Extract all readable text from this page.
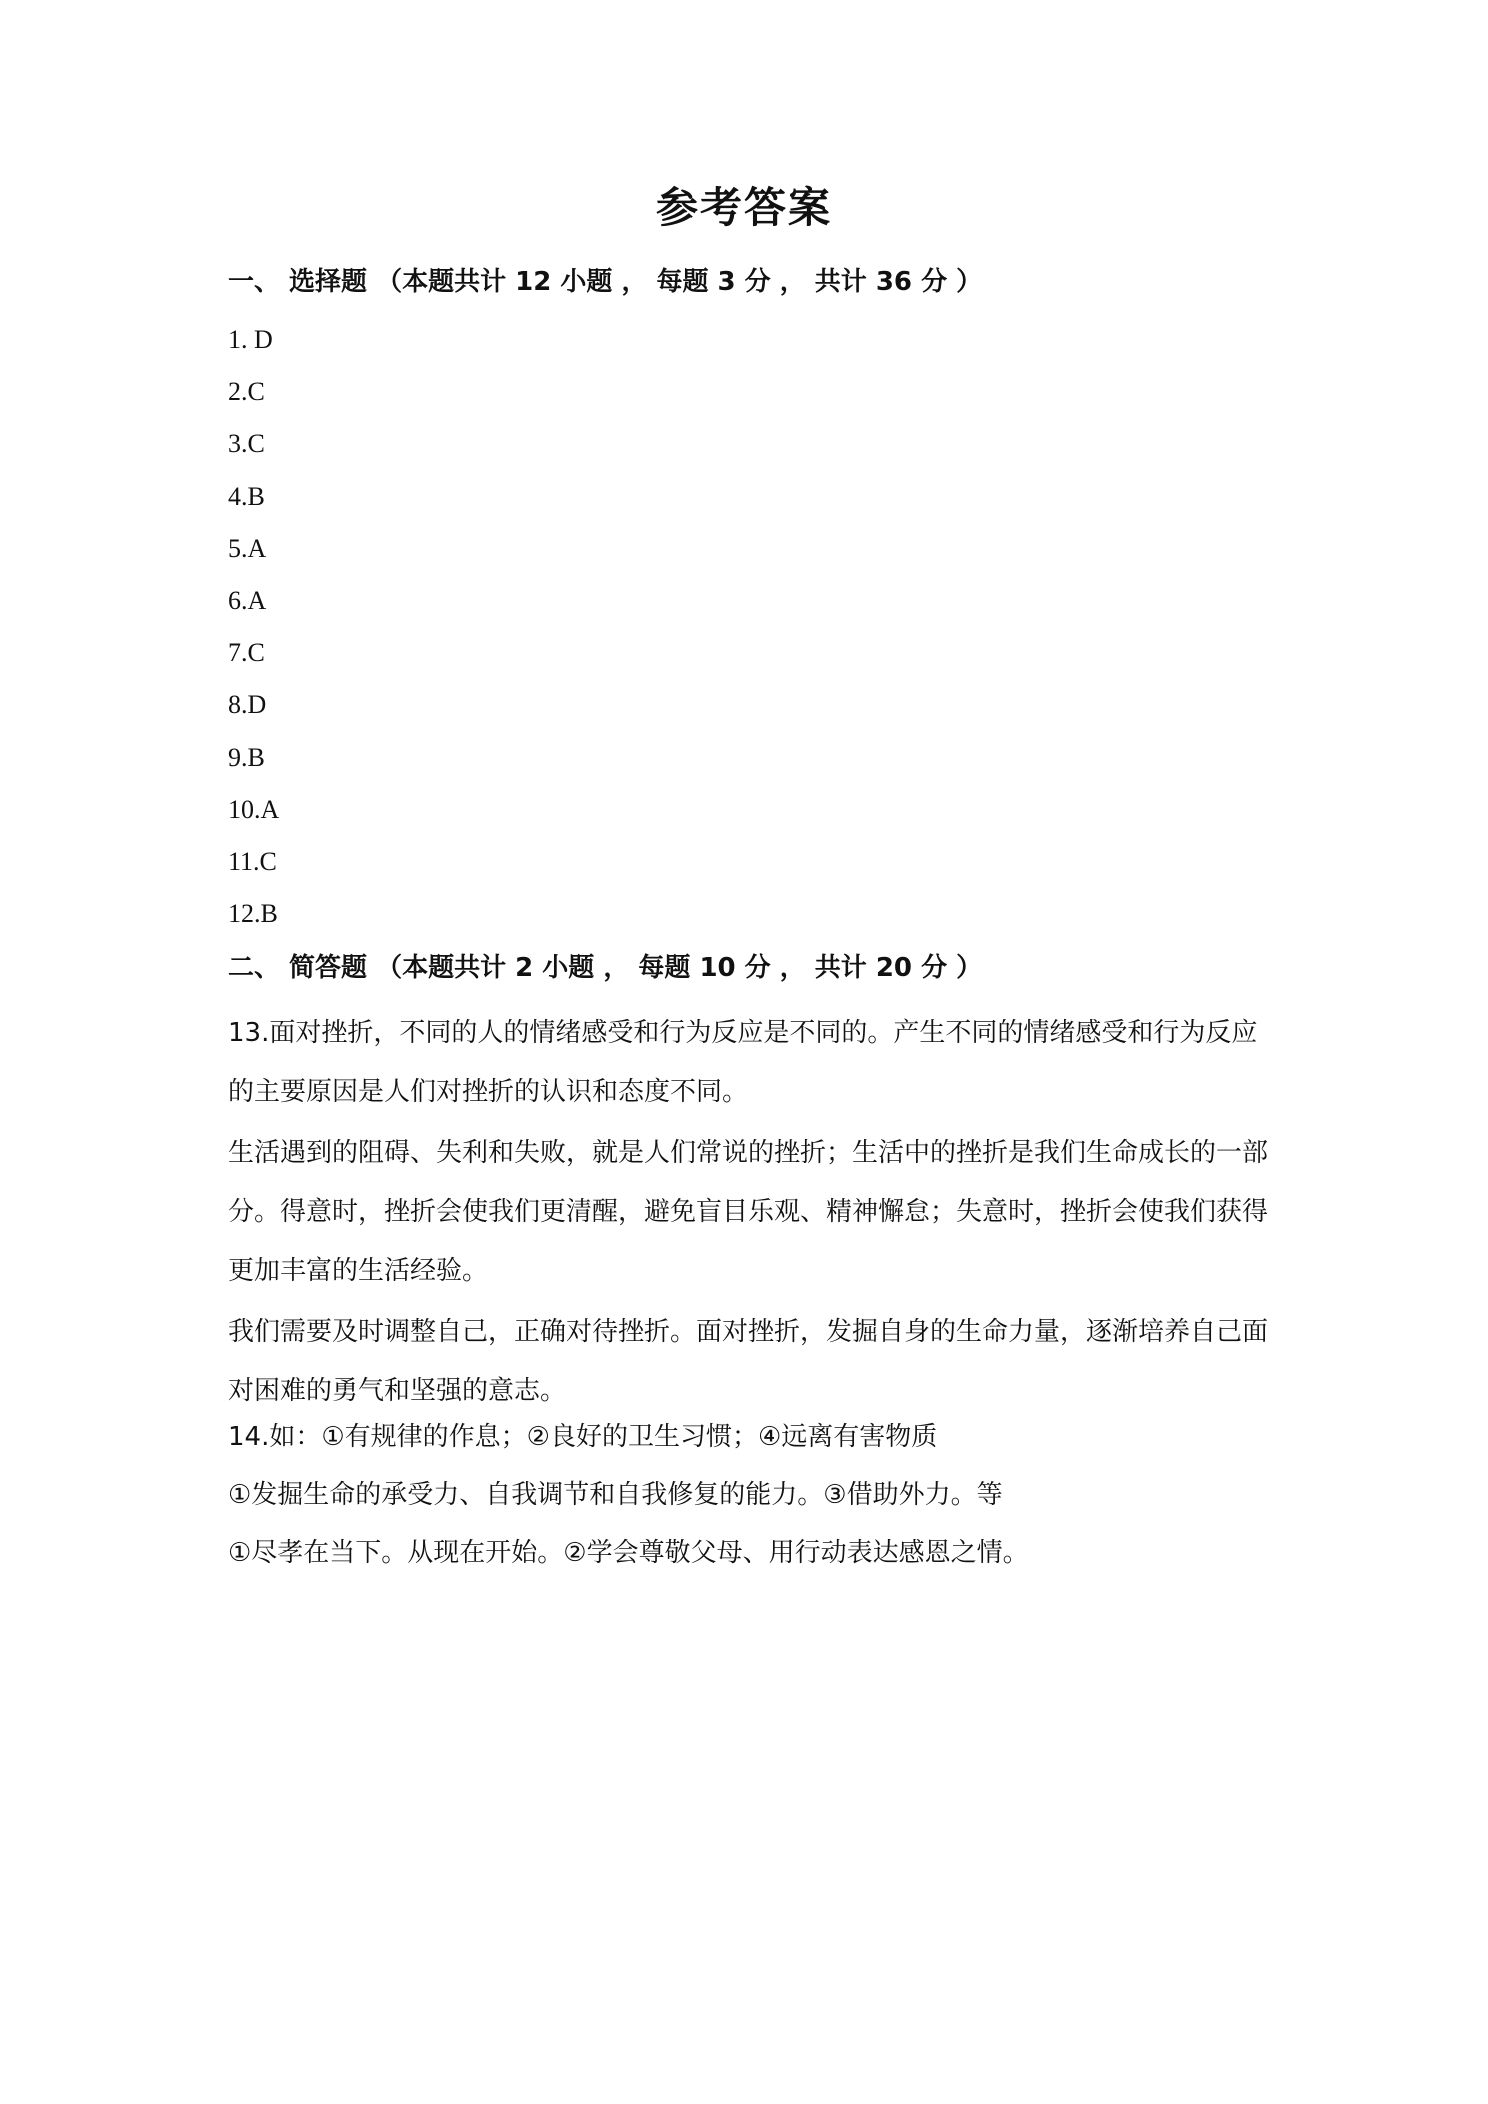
参考答案
一、 选择题 （本题共计 12 小题 ， 每题 3 分 ， 共计 36 分 ）
1. D
2.C
3.C
4.B
5.A
6.A
7.C
8.D
9.B
10.A
11.C
12.B
二、 简答题 （本题共计 2 小题 ， 每题 10 分 ， 共计 20 分 ）

13.面对挫折，不同的人的情绪感受和行为反应是不同的。产生不同的情绪感受和行为反应的主要原因是人们对挫折的认识和态度不同。

生活遇到的阻碍、失利和失败，就是人们常说的挫折；生活中的挫折是我们生命成长的一部分。得意时，挫折会使我们更清醒，避免盲目乐观、精神懈怠；失意时，挫折会使我们获得更加丰富的生活经验。

我们需要及时调整自己，正确对待挫折。面对挫折，发掘自身的生命力量，逐渐培养自己面对困难的勇气和坚强的意志。

14.如：①有规律的作息；②良好的卫生习惯；④远离有害物质

①发掘生命的承受力、自我调节和自我修复的能力。③借助外力。等

①尽孝在当下。从现在开始。②学会尊敬父母、用行动表达感恩之情。
